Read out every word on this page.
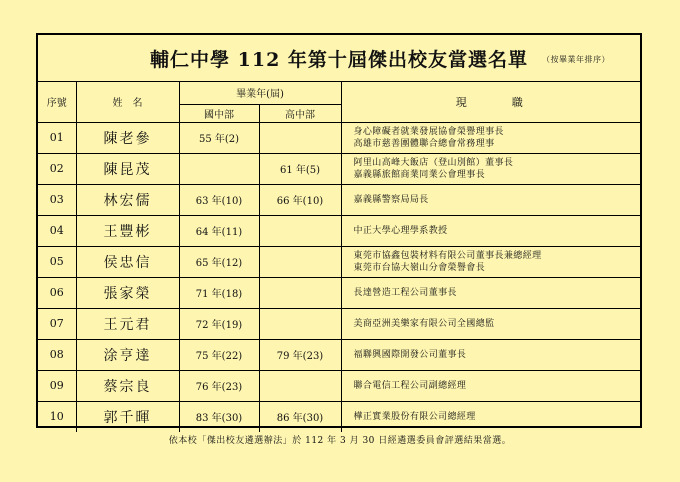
輔仁中學 112 年第十屆傑出校友當選名單 （按畢業年排序）
序號	姓　名	畢業年(屆)		現　　　職
		國中部	高中部	
01	陳老參	55 年(2)		身心障礙者就業發展協會榮譽理事長
高雄市慈善團體聯合總會常務理事

02	陳昆茂		61 年(5)	阿里山高峰大飯店（登山別館）董事長
嘉義縣旅館商業同業公會理事長

03	林宏儒	63 年(10)	66 年(10)	嘉義縣警察局局長

04	王豐彬	64 年(11)		中正大學心理學系教授

05	侯忠信	65 年(12)		東莞市協鑫包裝材料有限公司董事長兼總經理
東莞市台協大嶺山分會榮譽會長

06	張家榮	71 年(18)		長達營造工程公司董事長

07	王元君	72 年(19)		美商亞洲美樂家有限公司全國總監

08	涂亨達	75 年(22)	79 年(23)	福聯興國際開發公司董事長

09	蔡宗良	76 年(23)		聯合電信工程公司副總經理

10	郭千暉	83 年(30)	86 年(30)	樺正實業股份有限公司總經理
依本校「傑出校友遴選辦法」於 112 年 3 月 30 日經遴選委員會評選結果當選。
